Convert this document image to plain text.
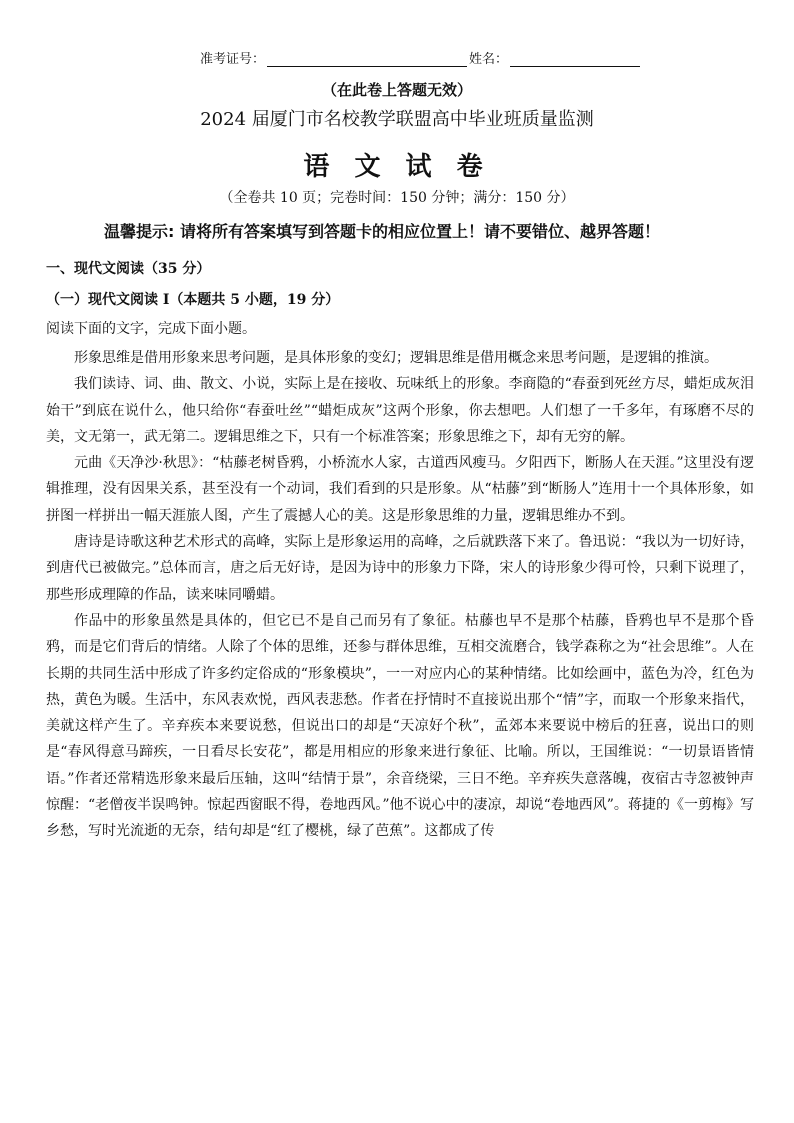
准考证号：	姓名：
（在此卷上答题无效）
2024 届厦门市名校教学联盟高中毕业班质量监测
语 文 试 卷
（全卷共 10 页；完卷时间：150 分钟；满分：150 分）
温馨提示: 请将所有答案填写到答题卡的相应位置上！请不要错位、越界答题！
一、现代文阅读（35 分）
（一）现代文阅读 I（本题共 5 小题，19 分）
阅读下面的文字，完成下面小题。

形象思维是借用形象来思考问题，是具体形象的变幻；逻辑思维是借用概念来思考问题，是逻辑的推演。

我们读诗、词、曲、散文、小说，实际上是在接收、玩味纸上的形象。李商隐的“春蚕到死丝方尽，蜡炬成灰泪始干”到底在说什么，他只给你“春蚕吐丝”“蜡炬成灰”这两个形象，你去想吧。人们想了一千多年，有琢磨不尽的美，文无第一，武无第二。逻辑思维之下，只有一个标准答案；形象思维之下，却有无穷的解。

元曲《天净沙·秋思》：“枯藤老树昏鸦，小桥流水人家，古道西风瘦马。夕阳西下，断肠人在天涯。”这里没有逻辑推理，没有因果关系，甚至没有一个动词，我们看到的只是形象。从“枯藤”到“断肠人”连用十一个具体形象，如拼图一样拼出一幅天涯旅人图，产生了震撼人心的美。这是形象思维的力量，逻辑思维办不到。

唐诗是诗歌这种艺术形式的高峰，实际上是形象运用的高峰，之后就跌落下来了。鲁迅说：“我以为一切好诗，到唐代已被做完。”总体而言，唐之后无好诗，是因为诗中的形象力下降，宋人的诗形象少得可怜，只剩下说理了，那些形成理障的作品，读来味同嚼蜡。

作品中的形象虽然是具体的，但它已不是自己而另有了象征。枯藤也早不是那个枯藤，昏鸦也早不是那个昏鸦，而是它们背后的情绪。人除了个体的思维，还参与群体思维，互相交流磨合，钱学森称之为“社会思维”。人在长期的共同生活中形成了许多约定俗成的“形象模块”，一一对应内心的某种情绪。比如绘画中，蓝色为冷，红色为热，黄色为暖。生活中，东风表欢悦，西风表悲愁。作者在抒情时不直接说出那个“情”字，而取一个形象来指代，美就这样产生了。辛弃疾本来要说愁，但说出口的却是“天凉好个秋”，孟郊本来要说中榜后的狂喜，说出口的则是“春风得意马蹄疾，一日看尽长安花”，都是用相应的形象来进行象征、比喻。所以，王国维说：“一切景语皆情语。”作者还常精选形象来最后压轴，这叫“结情于景”，余音绕梁，三日不绝。辛弃疾失意落魄，夜宿古寺忽被钟声惊醒：“老僧夜半误鸣钟。惊起西窗眠不得，卷地西风。”他不说心中的凄凉，却说“卷地西风”。蒋捷的《一剪梅》写乡愁，写时光流逝的无奈，结句却是“红了樱桃，绿了芭蕉”。这都成了传
